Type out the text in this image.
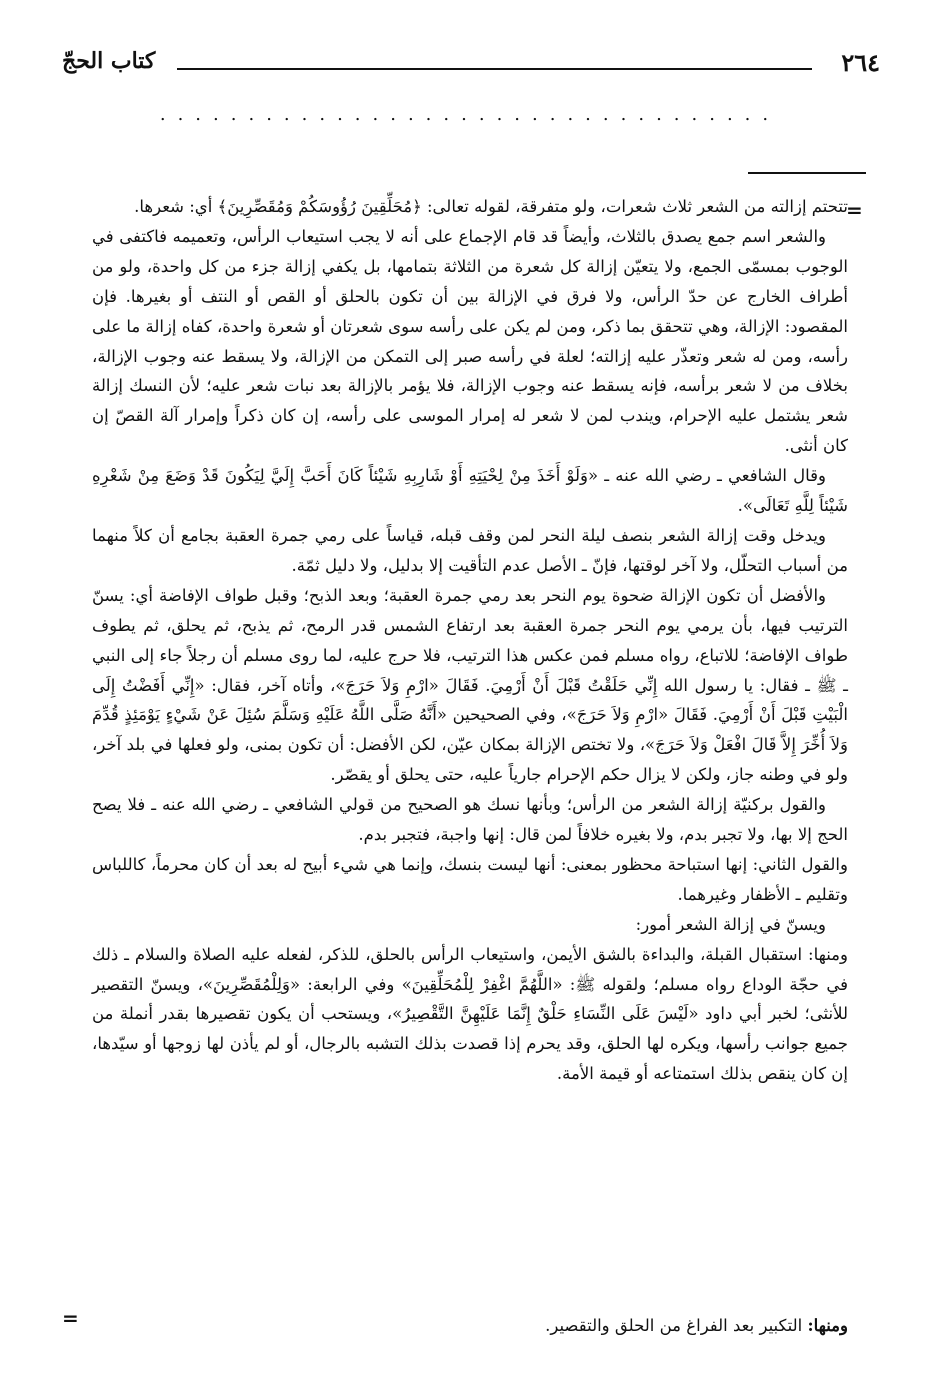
٢٦٤
كتاب الحجّ
...................................
=

تتحتم إزالته من الشعر ثلاث شعرات، ولو متفرقة، لقوله تعالى: ﴿مُحَلِّقِينَ رُؤُوسَكُمْ وَمُقَصِّرِينَ﴾ أي: شعرها.

والشعر اسم جمع يصدق بالثلاث، وأيضاً قد قام الإجماع على أنه لا يجب استيعاب الرأس، وتعميمه فاكتفى في الوجوب بمسمّى الجمع، ولا يتعيّن إزالة كل شعرة من الثلاثة بتمامها، بل يكفي إزالة جزء من كل واحدة، ولو من أطراف الخارج عن حدّ الرأس، ولا فرق في الإزالة بين أن تكون بالحلق أو القص أو النتف أو بغيرها. فإن المقصود: الإزالة، وهي تتحقق بما ذكر، ومن لم يكن على رأسه سوى شعرتان أو شعرة واحدة، كفاه إزالة ما على رأسه، ومن له شعر وتعذّر عليه إزالته؛ لعلة في رأسه صبر إلى التمكن من الإزالة، ولا يسقط عنه وجوب الإزالة، بخلاف من لا شعر برأسه، فإنه يسقط عنه وجوب الإزالة، فلا يؤمر بالإزالة بعد نبات شعر عليه؛ لأن النسك إزالة شعر يشتمل عليه الإحرام، ويندب لمن لا شعر له إمرار الموسى على رأسه، إن كان ذكراً وإمرار آلة القصّ إن كان أنثى.

وقال الشافعي ـ رضي الله عنه ـ «وَلَوْ أَخَذَ مِنْ لِحْيَتِهِ أَوْ شَارِبِهِ شَيْئاً كَانَ أَحَبَّ إِلَيَّ لِيَكُونَ قَدْ وَضَعَ مِنْ شَعْرِهِ شَيْئاً لِلَّهِ تَعَالَى».

ويدخل وقت إزالة الشعر بنصف ليلة النحر لمن وقف قبله، قياساً على رمي جمرة العقبة بجامع أن كلاً منهما من أسباب التحلّل، ولا آخر لوقتها، فإنّ ـ الأصل عدم التأقيت إلا بدليل، ولا دليل ثمّة.

والأفضل أن تكون الإزالة ضحوة يوم النحر بعد رمي جمرة العقبة؛ وبعد الذبح؛ وقبل طواف الإفاضة أي: يسنّ الترتيب فيها، بأن يرمي يوم النحر جمرة العقبة بعد ارتفاع الشمس قدر الرمح، ثم يذبح، ثم يحلق، ثم يطوف طواف الإفاضة؛ للاتباع، رواه مسلم فمن عكس هذا الترتيب، فلا حرج عليه، لما روى مسلم أن رجلاً جاء إلى النبي ـ ﷺ ـ فقال: يا رسول الله إِنِّي حَلَقْتُ قَبْلَ أَنْ أَرْمِيَ. فَقَالَ «ارْمِ وَلاَ حَرَجَ»، وأتاه آخر، فقال: «إِنِّي أَفَضْتُ إِلَى الْبَيْتِ قَبْلَ أَنْ أَرْمِيَ. فَقَالَ «ارْمِ وَلاَ حَرَجَ»، وفي الصحيحين «أَنَّهُ صَلَّى اللَّهُ عَلَيْهِ وَسَلَّمَ سُئِلَ عَنْ شَيْءٍ يَوْمَئِذٍ قُدِّمَ وَلاَ أُخِّرَ إِلاَّ قَالَ افْعَلْ وَلاَ حَرَجَ»، ولا تختص الإزالة بمكان عيّن، لكن الأفضل: أن تكون بمنى، ولو فعلها في بلد آخر، ولو في وطنه جاز، ولكن لا يزال حكم الإحرام جارياً عليه، حتى يحلق أو يقصّر.

والقول بركنيّة إزالة الشعر من الرأس؛ وبأنها نسك هو الصحيح من قولي الشافعي ـ رضي الله عنه ـ فلا يصح الحج إلا بها، ولا تجبر بدم، ولا بغيره خلافاً لمن قال: إنها واجبة، فتجبر بدم.

والقول الثاني: إنها استباحة محظور بمعنى: أنها ليست بنسك، وإنما هي شيء أبيح له بعد أن كان محرماً، كاللباس وتقليم ـ الأظفار وغيرهما.

ويسنّ في إزالة الشعر أمور:

ومنها: استقبال القبلة، والبداءة بالشق الأيمن، واستيعاب الرأس بالحلق، للذكر، لفعله عليه الصلاة والسلام ـ ذلك في حجّة الوداع رواه مسلم؛ ولقوله ﷺ: «اللَّهُمَّ اغْفِرْ لِلْمُحَلِّقِينَ» وفي الرابعة: «وَلِلْمُقَصِّرِينَ»، ويسنّ التقصير للأنثى؛ لخبر أبي داود «لَيْسَ عَلَى النِّسَاءِ حَلْقٌ إِنَّمَا عَلَيْهِنَّ التَّقْصِيرُ»، ويستحب أن يكون تقصيرها بقدر أنملة من جميع جوانب رأسها، ويكره لها الحلق، وقد يحرم إذا قصدت بذلك التشبه بالرجال، أو لم يأذن لها زوجها أو سيّدها، إن كان ينقص بذلك استمتاعه أو قيمة الأمة.

ومنها: التكبير بعد الفراغ من الحلق والتقصير.
=
